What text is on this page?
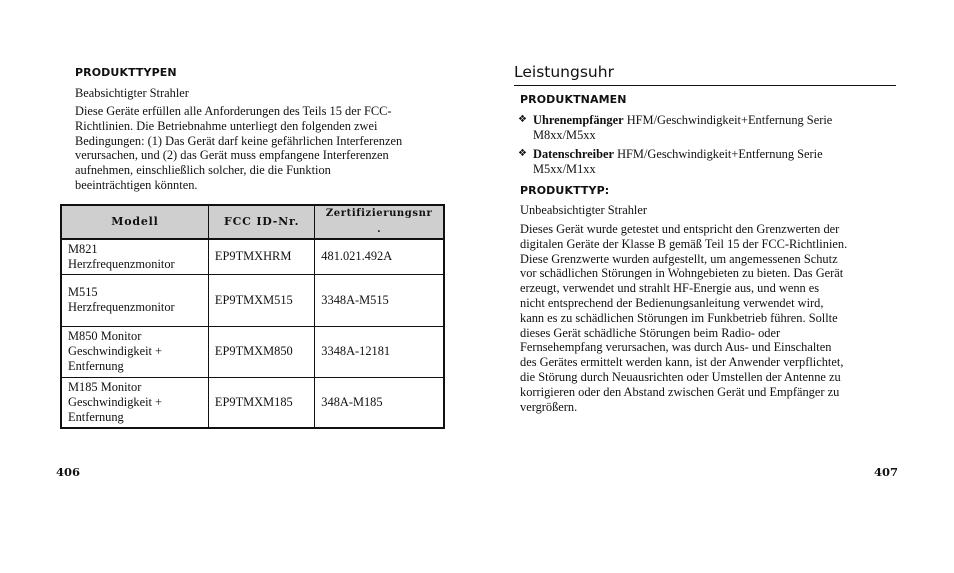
PRODUKTTYPEN
Beabsichtigter Strahler
Diese Geräte erfüllen alle Anforderungen des Teils 15 der FCC-
Richtlinien. Die Betriebnahme unterliegt den folgenden zwei
Bedingungen: (1) Das Gerät darf keine gefährlichen Interferenzen
verursachen, und (2) das Gerät muss empfangene Interferenzen
aufnehmen, einschließlich solcher, die die Funktion
beeinträchtigen könnten.
Modell	FCC ID-Nr.	Zertifizierungsnr
.

M821
Herzfrequenzmonitor	EP9TMXHRM	481.021.492A

M515
Herzfrequenzmonitor	EP9TMXM515	3348A-M515

M850 Monitor
Geschwindigkeit +
Entfernung	EP9TMXM850	3348A-12181

M185 Monitor
Geschwindigkeit +
Entfernung	EP9TMXM185	348A-M185
406
Leistungsuhr
PRODUKTNAMEN
❖ Uhrenempfänger HFM/Geschwindigkeit+Entfernung Serie
M8xx/M5xx
❖ Datenschreiber HFM/Geschwindigkeit+Entfernung Serie
M5xx/M1xx
PRODUKTTYP:
Unbeabsichtigter Strahler
Dieses Gerät wurde getestet und entspricht den Grenzwerten der
digitalen Geräte der Klasse B gemäß Teil 15 der FCC-Richtlinien.
Diese Grenzwerte wurden aufgestellt, um angemessenen Schutz
vor schädlichen Störungen in Wohngebieten zu bieten. Das Gerät
erzeugt, verwendet und strahlt HF-Energie aus, und wenn es
nicht entsprechend der Bedienungsanleitung verwendet wird,
kann es zu schädlichen Störungen im Funkbetrieb führen. Sollte
dieses Gerät schädliche Störungen beim Radio- oder
Fernsehempfang verursachen, was durch Aus- und Einschalten
des Gerätes ermittelt werden kann, ist der Anwender verpflichtet,
die Störung durch Neuausrichten oder Umstellen der Antenne zu
korrigieren oder den Abstand zwischen Gerät und Empfänger zu
vergrößern.
407
